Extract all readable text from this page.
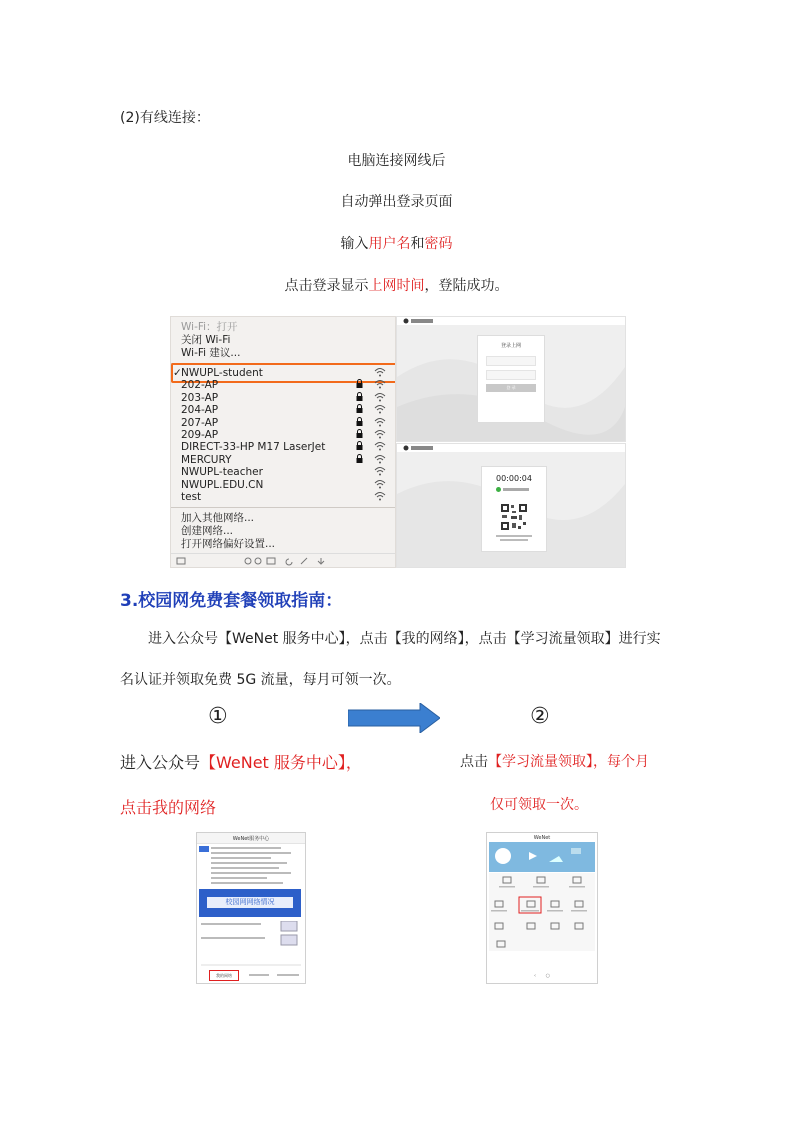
(2)有线连接：
电脑连接网线后
自动弹出登录页面
输入用户名和密码
点击登录显示上网时间，登陆成功。
Wi-Fi：打开
关闭 Wi-Fi
Wi-Fi 建议...
✓NWUPL-student
202-AP
203-AP
204-AP
207-AP
209-AP
DIRECT-33-HP M17 LaserJet
MERCURY
NWUPL-teacher
NWUPL.EDU.CN
test
加入其他网络...
创建网络...
打开网络偏好设置...
登录上网
登 录
00:00:04
3.校园网免费套餐领取指南：
进入公众号【WeNet 服务中心】，点击【我的网络】，点击【学习流量领取】进行实
名认证并领取免费 5G 流量，每月可领一次。
①	②
进入公众号【WeNet 服务中心】，
点击我的网络
点击【学习流量领取】，每个月
仅可领取一次。
WeNet服务中心
校园网网络情况
我的网络
WeNet
‹ ○
